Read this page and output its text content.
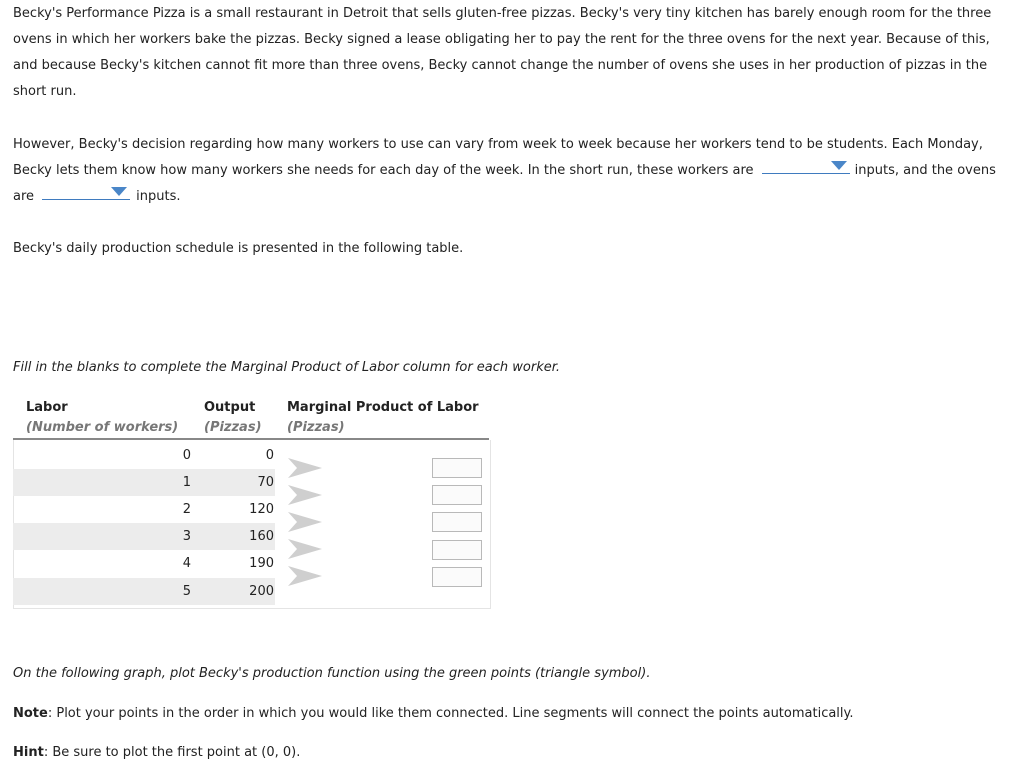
Becky's Performance Pizza is a small restaurant in Detroit that sells gluten-free pizzas. Becky's very tiny kitchen has barely enough room for the three ovens in which her workers bake the pizzas. Becky signed a lease obligating her to pay the rent for the three ovens for the next year. Because of this, and because Becky's kitchen cannot fit more than three ovens, Becky cannot change the number of ovens she uses in her production of pizzas in the short run.

However, Becky's decision regarding how many workers to use can vary from week to week because her workers tend to be students. Each Monday, Becky lets them know how many workers she needs for each day of the week. In the short run, these workers are	inputs, and the ovens are	inputs.

Becky's daily production schedule is presented in the following table.

Fill in the blanks to complete the Marginal Product of Labor column for each worker.

Labor
(Number of workers)
Output
(Pizzas)
Marginal Product of Labor
(Pizzas)
0	0
1	70
2	120
3	160
4	190
5	200

On the following graph, plot Becky's production function using the green points (triangle symbol).

Note: Plot your points in the order in which you would like them connected. Line segments will connect the points automatically.

Hint: Be sure to plot the first point at (0, 0).
